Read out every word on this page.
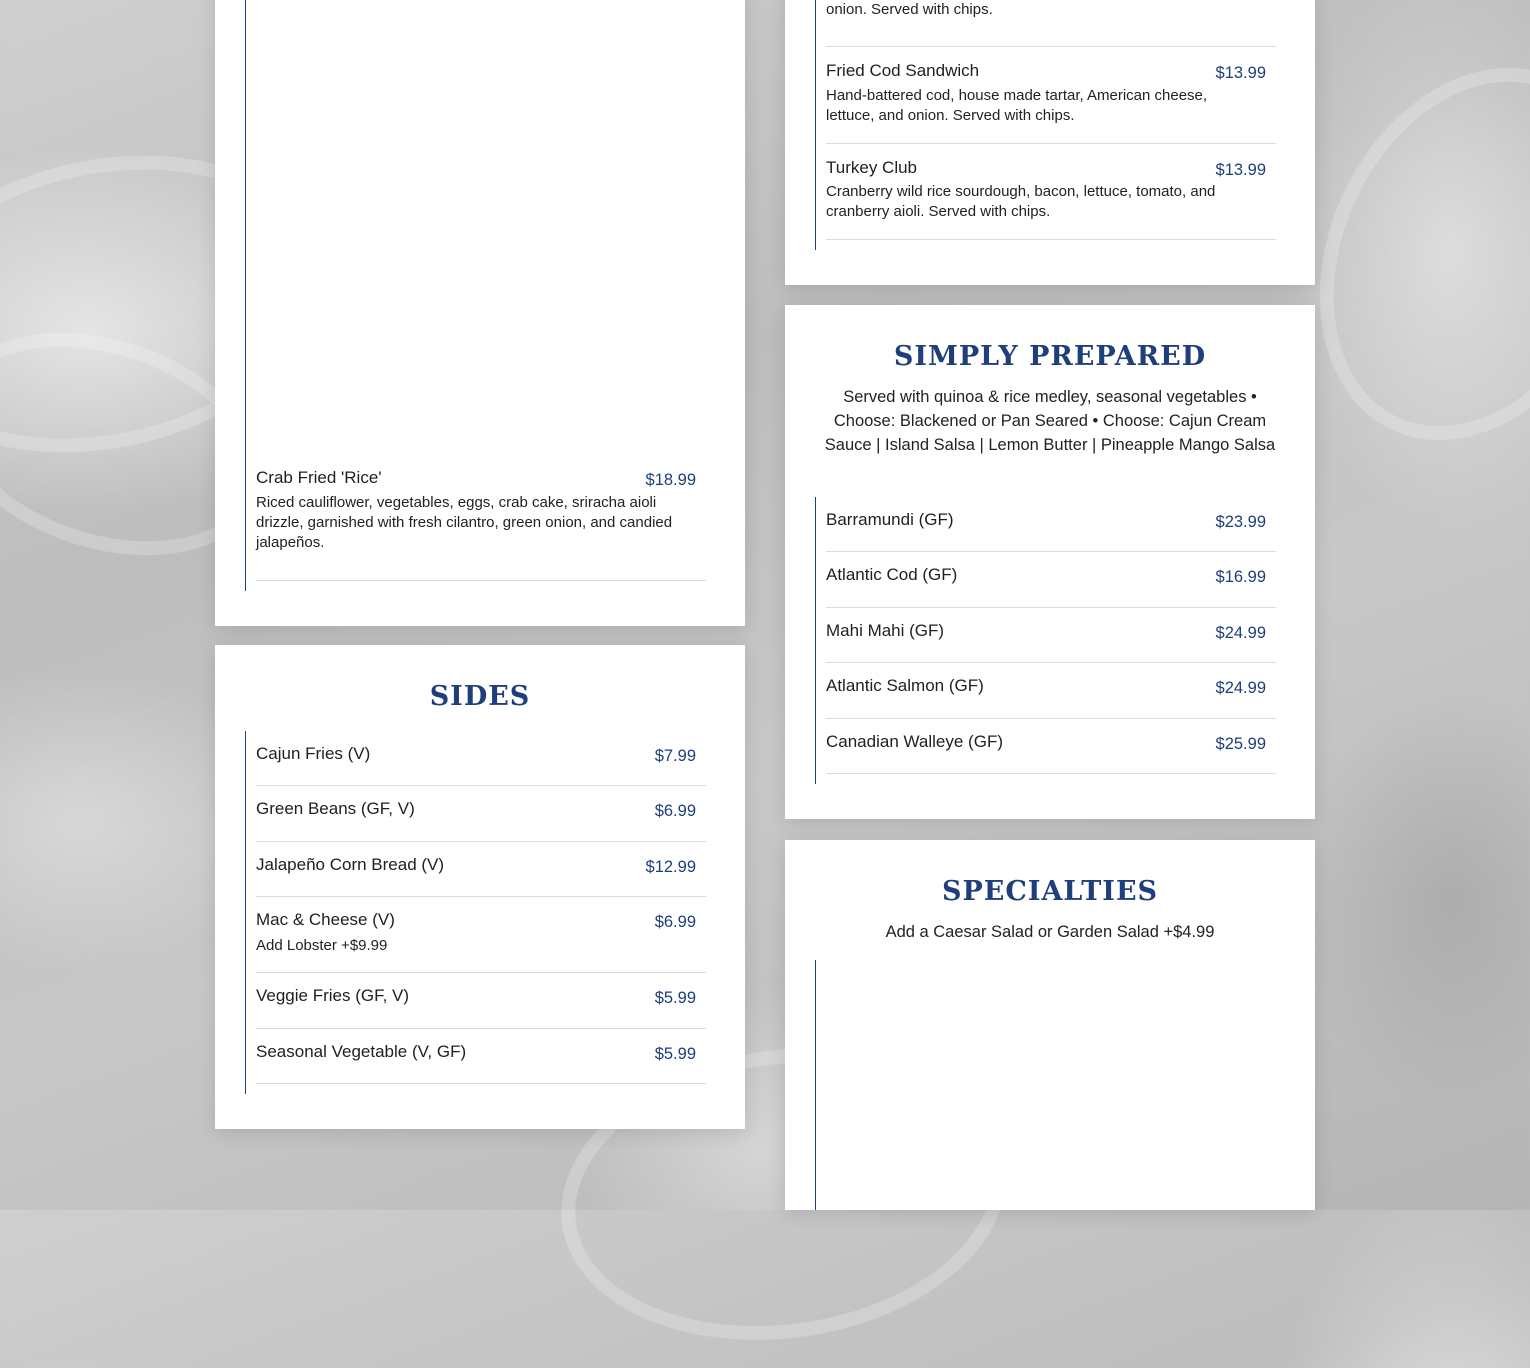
Crab Fried 'Rice'	$18.99
Riced cauliflower, vegetables, eggs, crab cake, sriracha aioli drizzle, garnished with fresh cilantro, green onion, and candied jalapeños.
SIDES
Cajun Fries (V)	$7.99
Green Beans (GF, V)	$6.99
Jalapeño Corn Bread (V)	$12.99
Mac & Cheese (V)	$6.99
Add Lobster +$9.99
Veggie Fries (GF, V)	$5.99
Seasonal Vegetable (V, GF)	$5.99
onion. Served with chips.
Fried Cod Sandwich	$13.99
Hand-battered cod, house made tartar, American cheese, lettuce, and onion. Served with chips.
Turkey Club	$13.99
Cranberry wild rice sourdough, bacon, lettuce, tomato, and cranberry aioli. Served with chips.
SIMPLY PREPARED
Served with quinoa & rice medley, seasonal vegetables • Choose: Blackened or Pan Seared • Choose: Cajun Cream Sauce | Island Salsa | Lemon Butter | Pineapple Mango Salsa
Barramundi (GF)	$23.99
Atlantic Cod (GF)	$16.99
Mahi Mahi (GF)	$24.99
Atlantic Salmon (GF)	$24.99
Canadian Walleye (GF)	$25.99
SPECIALTIES
Add a Caesar Salad or Garden Salad +$4.99
